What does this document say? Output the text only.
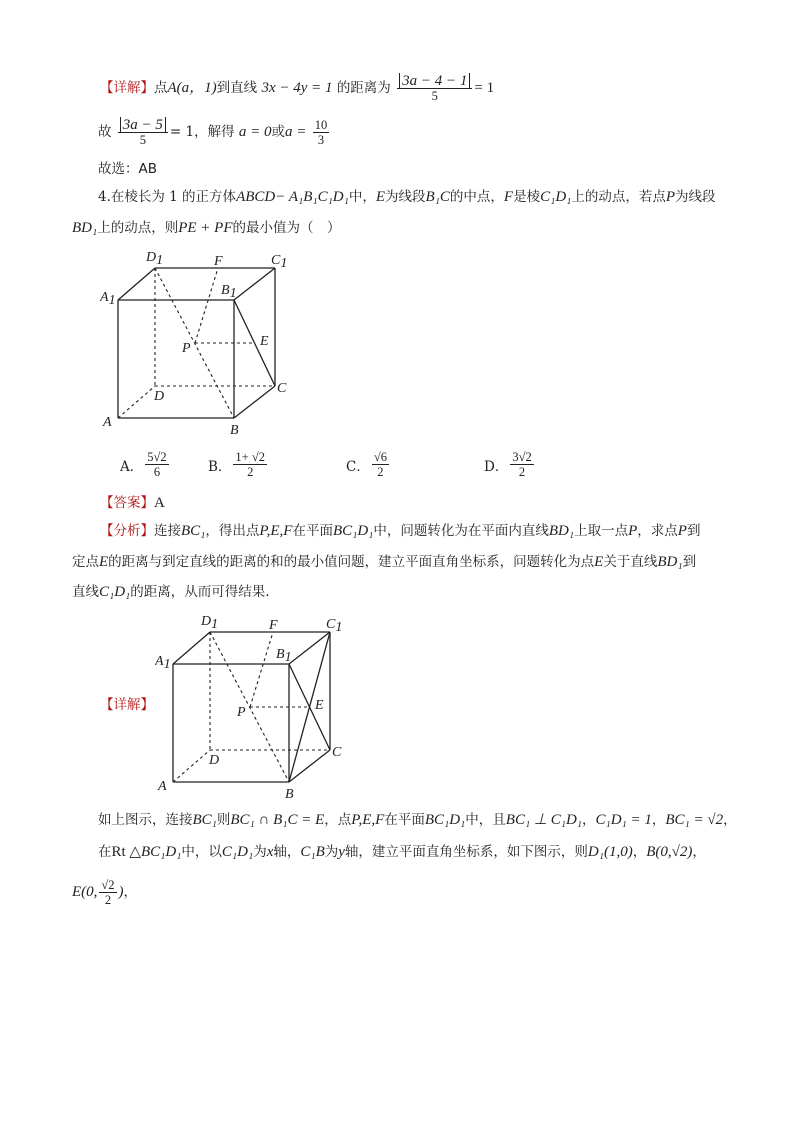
【详解】点A(a，1)到直线 3x − 4y = 1 的距离为 $\frac{3a - 4 - 1}{5} = 1$
故 $\frac{3a - 5}{5} = 1$，解得 a = 0或$a = \frac{10}{3}$
故选：AB
4.在棱长为 1 的正方体ABCD− A₁B₁C₁D₁中，E为线段B₁C的中点，F是棱C₁D₁上的动点，若点P为线段
BD₁上的动点，则PE + PF的最小值为（　）
D1	F	C1
A1
B1
P	E
D
C
A
B
A． $\frac{5√2}{6}$	B． $\frac{1+ √2}{2}$	C． $\frac{√6}{2}$	D． $\frac{3√2}{2}$
【答案】A
【分析】连接BC₁，得出点P,E,F在平面BC₁D₁中，问题转化为在平面内直线BD₁上取一点P，求点P到
定点E的距离与到定直线的距离的和的最小值问题，建立平面直角坐标系，问题转化为点E关于直线BD₁到
直线C₁D₁的距离，从而可得结果.
【详解】
D1	F	C1
A1
B1
P	E
D
C
A
B
如上图示，连接BC₁则BC₁ ∩ B₁C = E，点P,E,F在平面BC₁D₁中，且BC₁ ⊥ C₁D₁，C₁D₁ = 1，BC₁ = √2，
在Rt △BC₁D₁中，以C₁D₁为x轴，C₁B为y轴，建立平面直角坐标系，如下图示，则D₁(1,0)，B(0,√2)，
E(0, $\frac{√2}{2}$ )，
